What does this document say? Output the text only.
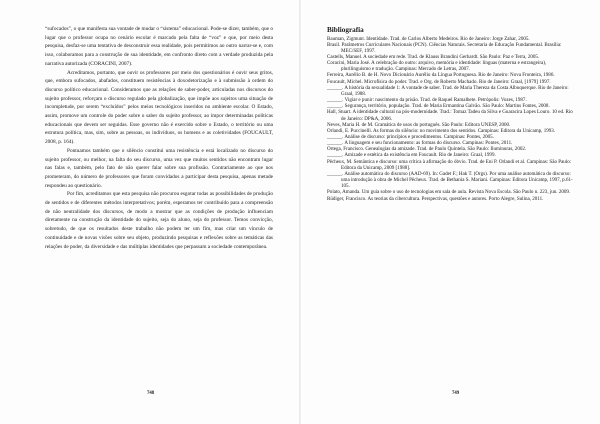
“sufocados”, o que manifesta sua vontade de mudar o “sistema” educacional. Pode-se dizer, também, que o lugar que o professor ocupa no cenário escolar é marcado pela falta de “voz” e que, por meio desta pesquisa, desfaz-se uma tentativa de desconstruir essa realidade, pois permitimos ao outro narrar-se e, com isso, colaboramos para a construção de sua identidade, em confronto direto com a verdade produzida pela narrativa autorizada (CORACINI, 2007).

Acreditamos, portanto, que ouvir os professores por meio dos questionários é ouvir seus gritos, que, embora sufocados, abafados, constituem resistências à doxodetorização e à submissão à ordem do discurso político educacional. Consideramos que as relações de saber-poder, articuladas nos discursos do sujeito professor, reforçam o discurso regulado pela globalização, que impõe aos sujeitos uma situação de incompletude, por serem “excluídos” pelos meios tecnológicos inseridos no ambiente escolar. O Estado, assim, promove um controle do poder sobre o saber do sujeito professor, ao impor determinadas políticas educacionais que devem ser seguidas. Esse governo não é exercido sobre o Estado, o território ou uma estrutura política, mas, sim, sobre as pessoas, os indivíduos, os homens e as coletividades (FOUCAULT, 2008, p. 164).

Pontuamos também que o silêncio constitui uma resistência e está localizado no discurso do sujeito professor, ou melhor, na falta do seu discurso, uma vez que muitos sentidos não encontram lugar nas falas e, também, pelo fato de não querer falar sobre sua profissão. Contrariamente ao que nos prometeram, do número de professores que foram convidados a participar desta pesquisa, apenas metade respondeu ao questionário.

Por fim, acreditamos que esta pesquisa não procurou esgotar todas as possibilidades de produção de sentidos e de diferentes métodos interpretativos; porém, esperamos ter contribuído para a compreensão de não neutralidade dos discursos, de modo a mostrar que as condições de produção influenciam diretamente na construção da identidade do sujeito, seja do aluno, seja do professor. Temos convicção, sobretudo, de que os resultados deste trabalho não podem ter um fim, mas criar um vínculo de continuidade e de novas visões sobre seu objeto, produzindo pesquisas e reflexões sobre as temáticas das relações de poder, da diversidade e das múltiplas identidades que perpassam a sociedade contemporânea.

748
Bibliografia

Bauman, Zigmunt. Identidade. Trad. de Carlos Alberto Medeiros. Rio de Janeiro: Jorge Zahar, 2005.

Brasil. Parâmetros Curriculares Nacionais (PCN). Ciências Naturais. Secretaria de Educação Fundamental. Brasília: MEC/SEF, 1997.

Castells, Manuel. A sociedade em rede. Trad. de Klauss Brandini Gerhardt. São Paulo: Paz e Terra, 2005.

Coracini, Maria José. A celebração do outro: arquivo, memória e identidade: línguas (materna e estrangeira), plurilinguismo e tradução. Campinas: Mercado de Letras, 2007.

Ferreira, Aurélio B. de H. Novo Dicionário Aurélio da Língua Portuguesa. Rio de Janeiro: Nova Fronteira, 1986.

Foucault, Michel. Microfísica do poder. Trad. e Org. de Roberto Machado. Rio de Janeiro: Graal, [1979] 1997.

______. A história da sexualidade 1: A vontade de saber. Trad. de Maria Thereza da Costa Albuquerque. Rio de Janeiro: Graal, 1988.

______. Vigiar e punir: nascimento da prisão. Trad. de Raquel Ramalhete. Petrópolis: Vozes, 1987.

______. Segurança, território, população. Trad. de Maria Ermantina Galvão. São Paulo: Martins Fontes, 2008.

Hall, Stuart. A identidade cultural na pós-modernidade. Trad.: Tomaz Tadeu da Silva e Guaracira Lopes Louro. 10 ed. Rio de Janeiro: DP&A, 2006.

Neves, Maria H. de M. Gramática de usos do português. São Paulo: Editora UNESP, 2000.

Orlandi, E. Puccinelli. As formas do silêncio: no movimento dos sentidos. Campinas: Editora da Unicamp, 1993.

______. Análise de discurso: princípios e procedimentos. Campinas: Pontes, 2005.

______. A linguagem e seu funcionamento: as formas do discurso. Campinas: Pontes, 2011.

Ortega, Francisco. Genealogias da amizade. Trad. de Paulo Quintela. São Paulo: Iluminuras, 2002.

______. Amizade e estética da existência em Foucault. Rio de Janeiro: Graal, 1999.

Pêcheux, M. Semântica e discurso: uma crítica à afirmação do óbvio. Trad. de Eni P. Orlandi et al. Campinas: São Paulo: Editora da Unicamp, 2009 [1988].

______. Análise automática do discurso (AAD-69). In: Gadet F.; Hak T. (Orgs). Por uma análise automática do discurso: uma introdução à obra de Michel Pêcheux. Trad. de Bethania S. Mariani. Campinas: Editora Unicamp, 1997, p.61-105.

Polato, Amanda. Um guia sobre o uso de tecnologias em sala de aula. Revista Nova Escola. São Paulo n. 223, jun. 2009.

Rüdiger, Francisco. As teorias da cibercultura. Perspectivas, questões e autores. Porto Alegre, Sulina, 2011.

749
